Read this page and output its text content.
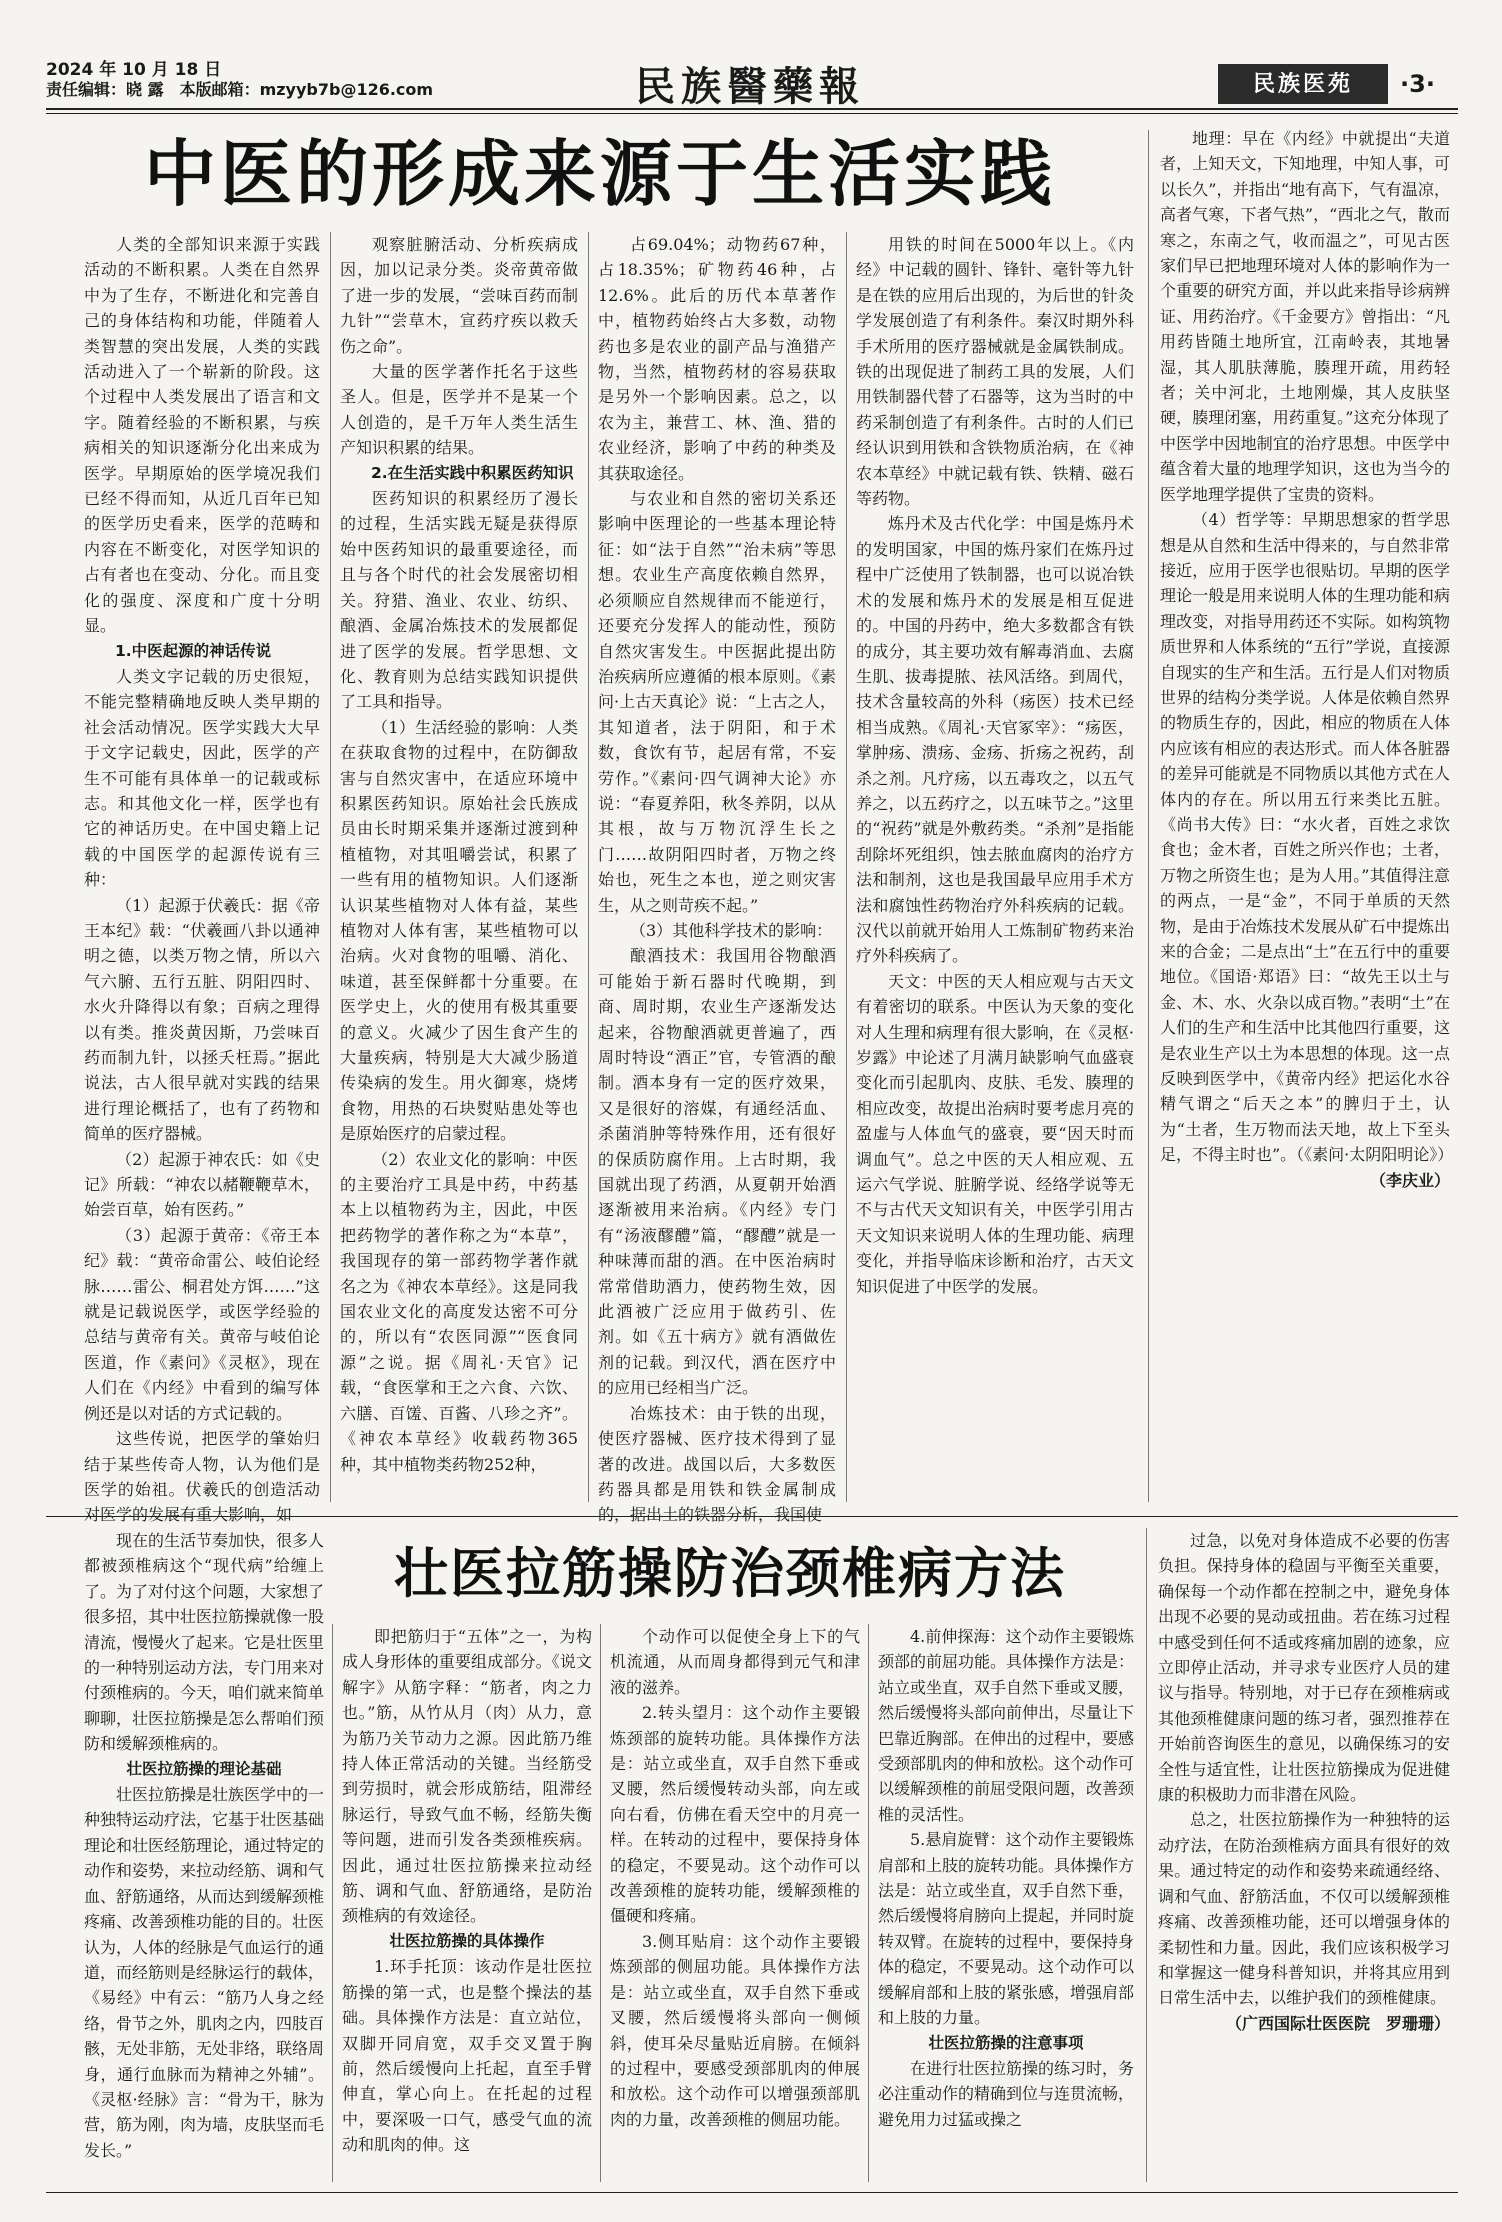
2024 年 10 月 18 日
责任编辑：晓 露　本版邮箱：mzyyb7b@126.com	民族醫藥報	民族医苑	·3·
中医的形成来源于生活实践

人类的全部知识来源于实践活动的不断积累。人类在自然界中为了生存，不断进化和完善自己的身体结构和功能，伴随着人类智慧的突出发展，人类的实践活动进入了一个崭新的阶段。这个过程中人类发展出了语言和文字。随着经验的不断积累，与疾病相关的知识逐渐分化出来成为医学。早期原始的医学境况我们已经不得而知，从近几百年已知的医学历史看来，医学的范畴和内容在不断变化，对医学知识的占有者也在变动、分化。而且变化的强度、深度和广度十分明显。

1.中医起源的神话传说

人类文字记载的历史很短，不能完整精确地反映人类早期的社会活动情况。医学实践大大早于文字记载史，因此，医学的产生不可能有具体单一的记载或标志。和其他文化一样，医学也有它的神话历史。在中国史籍上记载的中国医学的起源传说有三种：

（1）起源于伏羲氏：据《帝王本纪》载：“伏羲画八卦以通神明之德，以类万物之情，所以六气六腑、五行五脏、阴阳四时、水火升降得以有象；百病之理得以有类。推炎黄因斯，乃尝味百药而制九针，以拯夭枉焉。”据此说法，古人很早就对实践的结果进行理论概括了，也有了药物和简单的医疗器械。

（2）起源于神农氏：如《史记》所载：“神农以赭鞭鞭草木，始尝百草，始有医药。”

（3）起源于黄帝：《帝王本纪》载：“黄帝命雷公、岐伯论经脉……雷公、桐君处方饵……”这就是记载说医学，或医学经验的总结与黄帝有关。黄帝与岐伯论医道，作《素问》《灵枢》，现在人们在《内经》中看到的编写体例还是以对话的方式记载的。

这些传说，把医学的肇始归结于某些传奇人物，认为他们是医学的始祖。伏羲氏的创造活动对医学的发展有重大影响，如

观察脏腑活动、分析疾病成因，加以记录分类。炎帝黄帝做了进一步的发展，“尝味百药而制九针”“尝草木，宣药疗疾以救夭伤之命”。

大量的医学著作托名于这些圣人。但是，医学并不是某一个人创造的，是千万年人类生活生产知识积累的结果。

2.在生活实践中积累医药知识

医药知识的积累经历了漫长的过程，生活实践无疑是获得原始中医药知识的最重要途径，而且与各个时代的社会发展密切相关。狩猎、渔业、农业、纺织、酿酒、金属冶炼技术的发展都促进了医学的发展。哲学思想、文化、教育则为总结实践知识提供了工具和指导。

（1）生活经验的影响：人类在获取食物的过程中，在防御敌害与自然灾害中，在适应环境中积累医药知识。原始社会氏族成员由长时期采集并逐渐过渡到种植植物，对其咀嚼尝试，积累了一些有用的植物知识。人们逐渐认识某些植物对人体有益，某些植物对人体有害，某些植物可以治病。火对食物的咀嚼、消化、味道，甚至保鲜都十分重要。在医学史上，火的使用有极其重要的意义。火减少了因生食产生的大量疾病，特别是大大减少肠道传染病的发生。用火御寒，烧烤食物，用热的石块熨贴患处等也是原始医疗的启蒙过程。

（2）农业文化的影响：中医的主要治疗工具是中药，中药基本上以植物药为主，因此，中医把药物学的著作称之为“本草”，我国现存的第一部药物学著作就名之为《神农本草经》。这是同我国农业文化的高度发达密不可分的，所以有“农医同源”“医食同源”之说。据《周礼·天官》记载，“食医掌和王之六食、六饮、六膳、百馐、百酱、八珍之齐”。《神农本草经》收载药物365种，其中植物类药物252种，

占69.04%；动物药67种，占18.35%；矿物药46种，占12.6%。此后的历代本草著作中，植物药始终占大多数，动物药也多是农业的副产品与渔猎产物，当然，植物药材的容易获取是另外一个影响因素。总之，以农为主，兼营工、林、渔、猎的农业经济，影响了中药的种类及其获取途径。

与农业和自然的密切关系还影响中医理论的一些基本理论特征：如“法于自然”“治未病”等思想。农业生产高度依赖自然界，必须顺应自然规律而不能逆行，还要充分发挥人的能动性，预防自然灾害发生。中医据此提出防治疾病所应遵循的根本原则。《素问·上古天真论》说：“上古之人，其知道者，法于阴阳，和于术数，食饮有节，起居有常，不妄劳作。”《素问·四气调神大论》亦说：“春夏养阳，秋冬养阴，以从其根，故与万物沉浮生长之门……故阴阳四时者，万物之终始也，死生之本也，逆之则灾害生，从之则苛疾不起。”

（3）其他科学技术的影响：

酿酒技术：我国用谷物酿酒可能始于新石器时代晚期，到商、周时期，农业生产逐渐发达起来，谷物酿酒就更普遍了，西周时特设“酒正”官，专管酒的酿制。酒本身有一定的医疗效果，又是很好的溶媒，有通经活血、杀菌消肿等特殊作用，还有很好的保质防腐作用。上古时期，我国就出现了药酒，从夏朝开始酒逐渐被用来治病。《内经》专门有“汤液醪醴”篇，“醪醴”就是一种味薄而甜的酒。在中医治病时常常借助酒力，使药物生效，因此酒被广泛应用于做药引、佐剂。如《五十病方》就有酒做佐剂的记载。到汉代，酒在医疗中的应用已经相当广泛。

冶炼技术：由于铁的出现，使医疗器械、医疗技术得到了显著的改进。战国以后，大多数医药器具都是用铁和铁金属制成的，据出土的铁器分析，我国使

用铁的时间在5000年以上。《内经》中记载的圆针、锋针、毫针等九针是在铁的应用后出现的，为后世的针灸学发展创造了有利条件。秦汉时期外科手术所用的医疗器械就是金属铁制成。铁的出现促进了制药工具的发展，人们用铁制器代替了石器等，这为当时的中药采制创造了有利条件。古时的人们已经认识到用铁和含铁物质治病，在《神农本草经》中就记载有铁、铁精、磁石等药物。

炼丹术及古代化学：中国是炼丹术的发明国家，中国的炼丹家们在炼丹过程中广泛使用了铁制器，也可以说冶铁术的发展和炼丹术的发展是相互促进的。中国的丹药中，绝大多数都含有铁的成分，其主要功效有解毒消血、去腐生肌、拔毒提脓、祛风活络。到周代，技术含量较高的外科（疡医）技术已经相当成熟。《周礼·天官冢宰》：“疡医，掌肿疡、溃疡、金疡、折疡之祝药，刮杀之剂。凡疗疡，以五毒攻之，以五气养之，以五药疗之，以五味节之。”这里的“祝药”就是外敷药类。“杀剂”是指能刮除坏死组织，蚀去脓血腐肉的治疗方法和制剂，这也是我国最早应用手术方法和腐蚀性药物治疗外科疾病的记载。汉代以前就开始用人工炼制矿物药来治疗外科疾病了。

天文：中医的天人相应观与古天文有着密切的联系。中医认为天象的变化对人生理和病理有很大影响，在《灵枢·岁露》中论述了月满月缺影响气血盛衰变化而引起肌肉、皮肤、毛发、腠理的相应改变，故提出治病时要考虑月亮的盈虚与人体血气的盛衰，要“因天时而调血气”。总之中医的天人相应观、五运六气学说、脏腑学说、经络学说等无不与古代天文知识有关，中医学引用古天文知识来说明人体的生理功能、病理变化，并指导临床诊断和治疗，古天文知识促进了中医学的发展。

地理：早在《内经》中就提出“夫道者，上知天文，下知地理，中知人事，可以长久”，并指出“地有高下，气有温凉，高者气寒，下者气热”，“西北之气，散而寒之，东南之气，收而温之”，可见古医家们早已把地理环境对人体的影响作为一个重要的研究方面，并以此来指导诊病辨证、用药治疗。《千金要方》曾指出：“凡用药皆随土地所宜，江南岭表，其地暑湿，其人肌肤薄脆，腠理开疏，用药轻者；关中河北，土地刚燥，其人皮肤坚硬，腠理闭塞，用药重复。”这充分体现了中医学中因地制宜的治疗思想。中医学中蕴含着大量的地理学知识，这也为当今的医学地理学提供了宝贵的资料。

（4）哲学等：早期思想家的哲学思想是从自然和生活中得来的，与自然非常接近，应用于医学也很贴切。早期的医学理论一般是用来说明人体的生理功能和病理改变，对指导用药还不实际。如构筑物质世界和人体系统的“五行”学说，直接源自现实的生产和生活。五行是人们对物质世界的结构分类学说。人体是依赖自然界的物质生存的，因此，相应的物质在人体内应该有相应的表达形式。而人体各脏器的差异可能就是不同物质以其他方式在人体内的存在。所以用五行来类比五脏。《尚书大传》曰：“水火者，百姓之求饮食也；金木者，百姓之所兴作也；土者，万物之所资生也；是为人用。”其值得注意的两点，一是“金”，不同于单质的天然物，是由于冶炼技术发展从矿石中提炼出来的合金；二是点出“土”在五行中的重要地位。《国语·郑语》曰：“故先王以土与金、木、水、火杂以成百物。”表明“土”在人们的生产和生活中比其他四行重要，这是农业生产以土为本思想的体现。这一点反映到医学中，《黄帝内经》把运化水谷精气谓之“后天之本”的脾归于土，认为“土者，生万物而法天地，故上下至头足，不得主时也”。（《素问·太阴阳明论》）

（李庆业）

壮医拉筋操防治颈椎病方法

现在的生活节奏加快，很多人都被颈椎病这个“现代病”给缠上了。为了对付这个问题，大家想了很多招，其中壮医拉筋操就像一股清流，慢慢火了起来。它是壮医里的一种特别运动方法，专门用来对付颈椎病的。今天，咱们就来简单聊聊，壮医拉筋操是怎么帮咱们预防和缓解颈椎病的。

壮医拉筋操的理论基础

壮医拉筋操是壮族医学中的一种独特运动疗法，它基于壮医基础理论和壮医经筋理论，通过特定的动作和姿势，来拉动经筋、调和气血、舒筋通络，从而达到缓解颈椎疼痛、改善颈椎功能的目的。壮医认为，人体的经脉是气血运行的通道，而经筋则是经脉运行的载体，《易经》中有云：“筋乃人身之经络，骨节之外，肌肉之内，四肢百骸，无处非筋，无处非络，联络周身，通行血脉而为精神之外辅”。《灵枢·经脉》言：“骨为干，脉为营，筋为刚，肉为墙，皮肤坚而毛发长。”

即把筋归于“五体”之一，为构成人身形体的重要组成部分。《说文解字》从筋字释：“筋者，肉之力也。”筋，从竹从月（肉）从力，意为筋乃关节动力之源。因此筋乃维持人体正常活动的关键。当经筋受到劳损时，就会形成筋结，阻滞经脉运行，导致气血不畅，经筋失衡等问题，进而引发各类颈椎疾病。因此，通过壮医拉筋操来拉动经筋、调和气血、舒筋通络，是防治颈椎病的有效途径。

壮医拉筋操的具体操作

1.环手托顶：该动作是壮医拉筋操的第一式，也是整个操法的基础。具体操作方法是：直立站位，双脚开同肩宽，双手交叉置于胸前，然后缓慢向上托起，直至手臂伸直，掌心向上。在托起的过程中，要深吸一口气，感受气血的流动和肌肉的伸。这

个动作可以促使全身上下的气机流通，从而周身都得到元气和津液的滋养。

2.转头望月：这个动作主要锻炼颈部的旋转功能。具体操作方法是：站立或坐直，双手自然下垂或叉腰，然后缓慢转动头部，向左或向右看，仿佛在看天空中的月亮一样。在转动的过程中，要保持身体的稳定，不要晃动。这个动作可以改善颈椎的旋转功能，缓解颈椎的僵硬和疼痛。

3.侧耳贴肩：这个动作主要锻炼颈部的侧屈功能。具体操作方法是：站立或坐直，双手自然下垂或叉腰，然后缓慢将头部向一侧倾斜，使耳朵尽量贴近肩膀。在倾斜的过程中，要感受颈部肌肉的伸展和放松。这个动作可以增强颈部肌肉的力量，改善颈椎的侧屈功能。

4.前伸探海：这个动作主要锻炼颈部的前屈功能。具体操作方法是：站立或坐直，双手自然下垂或叉腰，然后缓慢将头部向前伸出，尽量让下巴靠近胸部。在伸出的过程中，要感受颈部肌肉的伸和放松。这个动作可以缓解颈椎的前屈受限问题，改善颈椎的灵活性。

5.悬肩旋臂：这个动作主要锻炼肩部和上肢的旋转功能。具体操作方法是：站立或坐直，双手自然下垂，然后缓慢将肩膀向上提起，并同时旋转双臂。在旋转的过程中，要保持身体的稳定，不要晃动。这个动作可以缓解肩部和上肢的紧张感，增强肩部和上肢的力量。

壮医拉筋操的注意事项

在进行壮医拉筋操的练习时，务必注重动作的精确到位与连贯流畅，避免用力过猛或操之

过急，以免对身体造成不必要的伤害负担。保持身体的稳固与平衡至关重要，确保每一个动作都在控制之中，避免身体出现不必要的晃动或扭曲。若在练习过程中感受到任何不适或疼痛加剧的迹象，应立即停止活动，并寻求专业医疗人员的建议与指导。特别地，对于已存在颈椎病或其他颈椎健康问题的练习者，强烈推荐在开始前咨询医生的意见，以确保练习的安全性与适宜性，让壮医拉筋操成为促进健康的积极助力而非潜在风险。

总之，壮医拉筋操作为一种独特的运动疗法，在防治颈椎病方面具有很好的效果。通过特定的动作和姿势来疏通经络、调和气血、舒筋活血，不仅可以缓解颈椎疼痛、改善颈椎功能，还可以增强身体的柔韧性和力量。因此，我们应该积极学习和掌握这一健身科普知识，并将其应用到日常生活中去，以维护我们的颈椎健康。

（广西国际壮医医院　罗珊珊）
